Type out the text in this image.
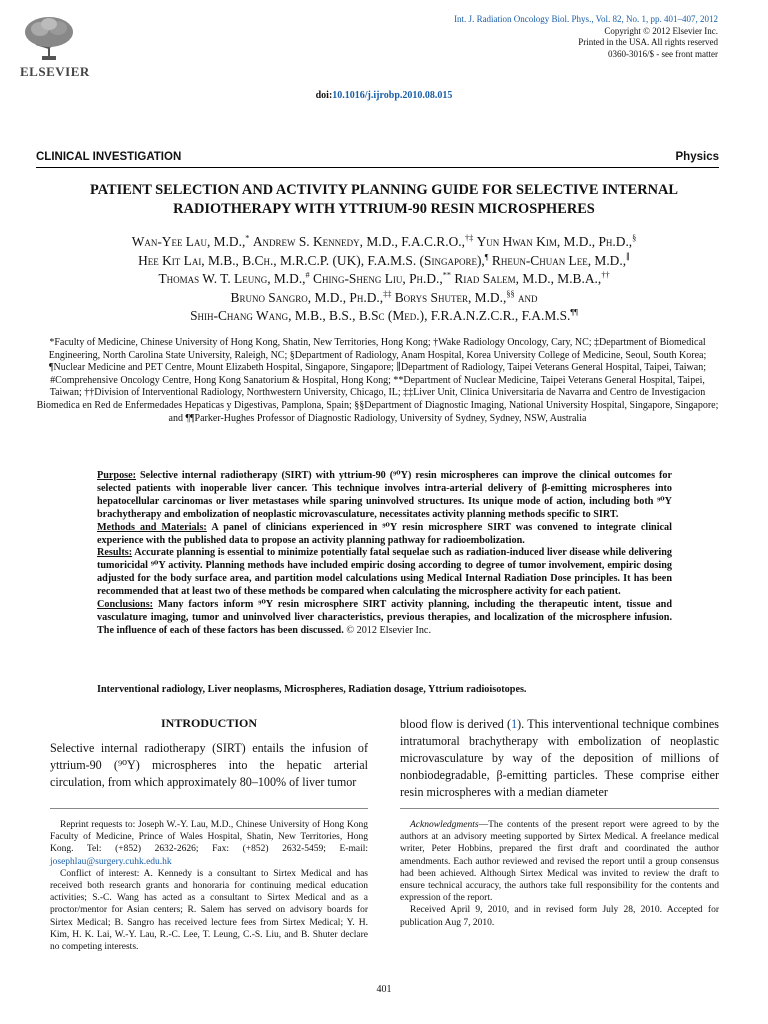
ELSEVIER
Int. J. Radiation Oncology Biol. Phys., Vol. 82, No. 1, pp. 401–407, 2012
Copyright © 2012 Elsevier Inc.
Printed in the USA. All rights reserved
0360-3016/$ - see front matter
doi:10.1016/j.ijrobp.2010.08.015
CLINICAL INVESTIGATION	Physics
PATIENT SELECTION AND ACTIVITY PLANNING GUIDE FOR SELECTIVE INTERNAL RADIOTHERAPY WITH YTTRIUM-90 RESIN MICROSPHERES
Wan-Yee Lau, M.D.,* Andrew S. Kennedy, M.D., F.A.C.R.O.,†‡ Yun Hwan Kim, M.D., Ph.D.,§
Hee Kit Lai, M.B., B.Ch., M.R.C.P. (UK), F.A.M.S. (Singapore),¶ Rheun-Chuan Lee, M.D.,∥
Thomas W. T. Leung, M.D.,# Ching-Sheng Liu, Ph.D.,** Riad Salem, M.D., M.B.A.,††
Bruno Sangro, M.D., Ph.D.,‡‡ Borys Shuter, M.D.,§§ and
Shih-Chang Wang, M.B., B.S., B.Sc (Med.), F.R.A.N.Z.C.R., F.A.M.S.¶¶
*Faculty of Medicine, Chinese University of Hong Kong, Shatin, New Territories, Hong Kong; †Wake Radiology Oncology, Cary, NC; ‡Department of Biomedical Engineering, North Carolina State University, Raleigh, NC; §Department of Radiology, Anam Hospital, Korea University College of Medicine, Seoul, South Korea; ¶Nuclear Medicine and PET Centre, Mount Elizabeth Hospital, Singapore, Singapore; ∥Department of Radiology, Taipei Veterans General Hospital, Taipei, Taiwan; #Comprehensive Oncology Centre, Hong Kong Sanatorium & Hospital, Hong Kong; **Department of Nuclear Medicine, Taipei Veterans General Hospital, Taipei, Taiwan; ††Division of Interventional Radiology, Northwestern University, Chicago, IL; ‡‡Liver Unit, Clinica Universitaria de Navarra and Centro de Investigacion Biomedica en Red de Enfermedades Hepaticas y Digestivas, Pamplona, Spain; §§Department of Diagnostic Imaging, National University Hospital, Singapore, Singapore; and ¶¶Parker-Hughes Professor of Diagnostic Radiology, University of Sydney, Sydney, NSW, Australia

Purpose: Selective internal radiotherapy (SIRT) with yttrium-90 (⁹⁰Y) resin microspheres can improve the clinical outcomes for selected patients with inoperable liver cancer. This technique involves intra-arterial delivery of β-emitting microspheres into hepatocellular carcinomas or liver metastases while sparing uninvolved structures. Its unique mode of action, including both ⁹⁰Y brachytherapy and embolization of neoplastic microvasculature, necessitates activity planning methods specific to SIRT.

Methods and Materials: A panel of clinicians experienced in ⁹⁰Y resin microsphere SIRT was convened to integrate clinical experience with the published data to propose an activity planning pathway for radioembolization.

Results: Accurate planning is essential to minimize potentially fatal sequelae such as radiation-induced liver disease while delivering tumoricidal ⁹⁰Y activity. Planning methods have included empiric dosing according to degree of tumor involvement, empiric dosing adjusted for the body surface area, and partition model calculations using Medical Internal Radiation Dose principles. It has been recommended that at least two of these methods be compared when calculating the microsphere activity for each patient.

Conclusions: Many factors inform ⁹⁰Y resin microsphere SIRT activity planning, including the therapeutic intent, tissue and vasculature imaging, tumor and uninvolved liver characteristics, previous therapies, and localization of the microsphere infusion. The influence of each of these factors has been discussed. © 2012 Elsevier Inc.

Interventional radiology, Liver neoplasms, Microspheres, Radiation dosage, Yttrium radioisotopes.
INTRODUCTION
Selective internal radiotherapy (SIRT) entails the infusion of yttrium-90 (⁹⁰Y) microspheres into the hepatic arterial circulation, from which approximately 80–100% of liver tumor
blood flow is derived (1). This interventional technique combines intratumoral brachytherapy with embolization of neoplastic microvasculature by way of the deposition of millions of nonbiodegradable, β-emitting particles. These comprise either resin microspheres with a median diameter

Reprint requests to: Joseph W.-Y. Lau, M.D., Chinese University of Hong Kong Faculty of Medicine, Prince of Wales Hospital, Shatin, New Territories, Hong Kong. Tel: (+852) 2632-2626; Fax: (+852) 2632-5459; E-mail: josephlau@surgery.cuhk.edu.hk

Conflict of interest: A. Kennedy is a consultant to Sirtex Medical and has received both research grants and honoraria for continuing medical education activities; S.-C. Wang has acted as a consultant to Sirtex Medical and as a proctor/mentor for Asian centers; R. Salem has served on advisory boards for Sirtex Medical; B. Sangro has received lecture fees from Sirtex Medical; Y. H. Kim, H. K. Lai, W.-Y. Lau, R.-C. Lee, T. Leung, C.-S. Liu, and B. Shuter declare no competing interests.

Acknowledgments—The contents of the present report were agreed to by the authors at an advisory meeting supported by Sirtex Medical. A freelance medical writer, Peter Hobbins, prepared the first draft and coordinated the author amendments. Each author reviewed and revised the report until a group consensus had been achieved. Although Sirtex Medical was invited to review the draft to ensure technical accuracy, the authors take full responsibility for the contents and expression of the report.

Received April 9, 2010, and in revised form July 28, 2010. Accepted for publication Aug 7, 2010.

401
